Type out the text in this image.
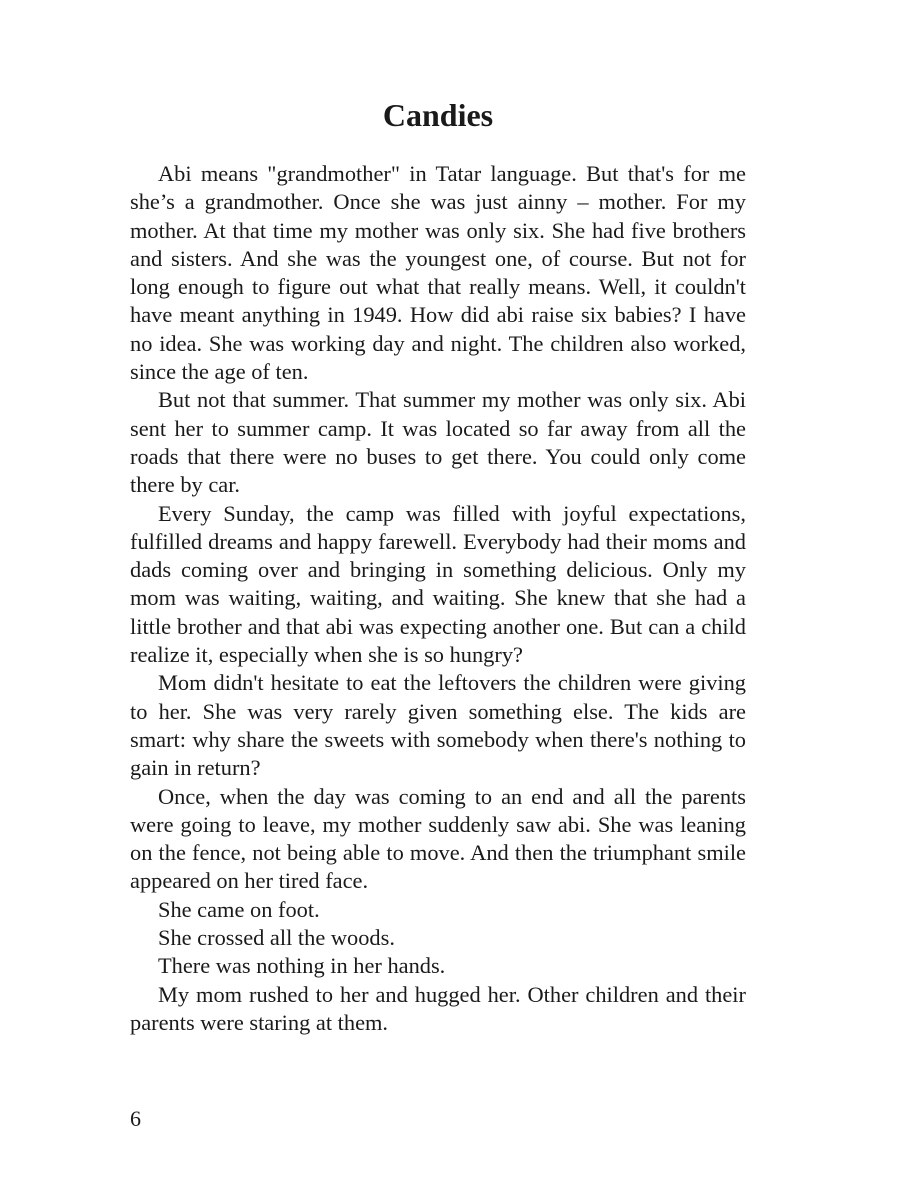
Candies

Abi means "grandmother" in Tatar language. But that's for me she’s a grandmother. Once she was just ainny – mother. For my mother. At that time my mother was only six. She had five brothers and sisters. And she was the youngest one, of course. But not for long enough to figure out what that really means. Well, it couldn't have meant anything in 1949. How did abi raise six babies? I have no idea. She was working day and night. The children also worked, since the age of ten.

But not that summer. That summer my mother was only six. Abi sent her to summer camp. It was located so far away from all the roads that there were no buses to get there. You could only come there by car.

Every Sunday, the camp was filled with joyful expectations, fulfilled dreams and happy farewell. Everybody had their moms and dads coming over and bringing in something delicious. Only my mom was waiting, waiting, and waiting. She knew that she had a little brother and that abi was expecting another one. But can a child realize it, especially when she is so hungry?

Mom didn't hesitate to eat the leftovers the children were giving to her. She was very rarely given something else. The kids are smart: why share the sweets with somebody when there's nothing to gain in return?

Once, when the day was coming to an end and all the parents were going to leave, my mother suddenly saw abi. She was leaning on the fence, not being able to move. And then the triumphant smile appeared on her tired face.

She came on foot.

She crossed all the woods.

There was nothing in her hands.

My mom rushed to her and hugged her. Other children and their parents were staring at them.

6
